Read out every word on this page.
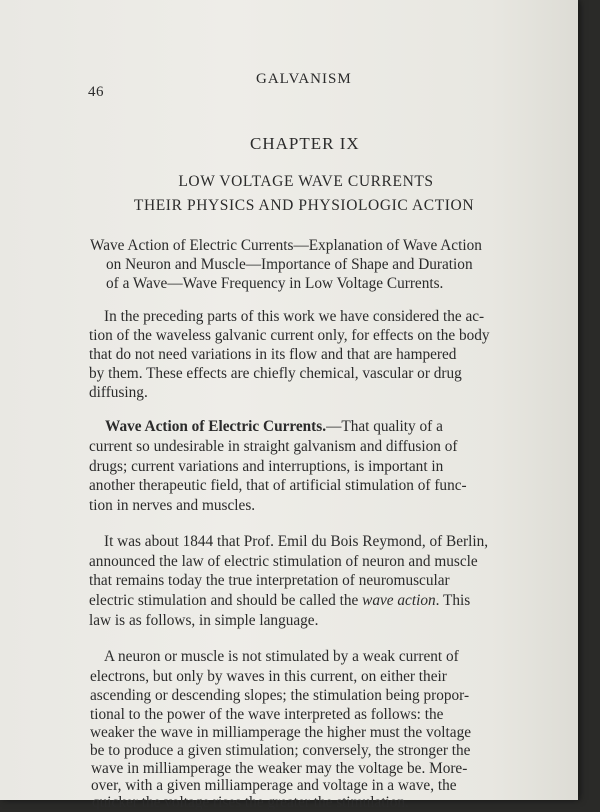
46
GALVANISM
CHAPTER IX
LOW VOLTAGE WAVE CURRENTS
THEIR PHYSICS AND PHYSIOLOGIC ACTION
Wave Action of Electric Currents—Explanation of Wave Action
on Neuron and Muscle—Importance of Shape and Duration
of a Wave—Wave Frequency in Low Voltage Currents.
In the preceding parts of this work we have considered the ac-
tion of the waveless galvanic current only, for effects on the body
that do not need variations in its flow and that are hampered
by them. These effects are chiefly chemical, vascular or drug
diffusing.
Wave Action of Electric Currents.—That quality of a
current so undesirable in straight galvanism and diffusion of
drugs; current variations and interruptions, is important in
another therapeutic field, that of artificial stimulation of func-
tion in nerves and muscles.
It was about 1844 that Prof. Emil du Bois Reymond, of Berlin,
announced the law of electric stimulation of neuron and muscle
that remains today the true interpretation of neuromuscular
electric stimulation and should be called the wave action. This
law is as follows, in simple language.
A neuron or muscle is not stimulated by a weak current of
electrons, but only by waves in this current, on either their
ascending or descending slopes; the stimulation being propor-
tional to the power of the wave interpreted as follows: the
weaker the wave in milliamperage the higher must the voltage
be to produce a given stimulation; conversely, the stronger the
wave in milliamperage the weaker may the voltage be. More-
over, with a given milliamperage and voltage in a wave, the
quicker the voltage rises the greater the stimulation.
